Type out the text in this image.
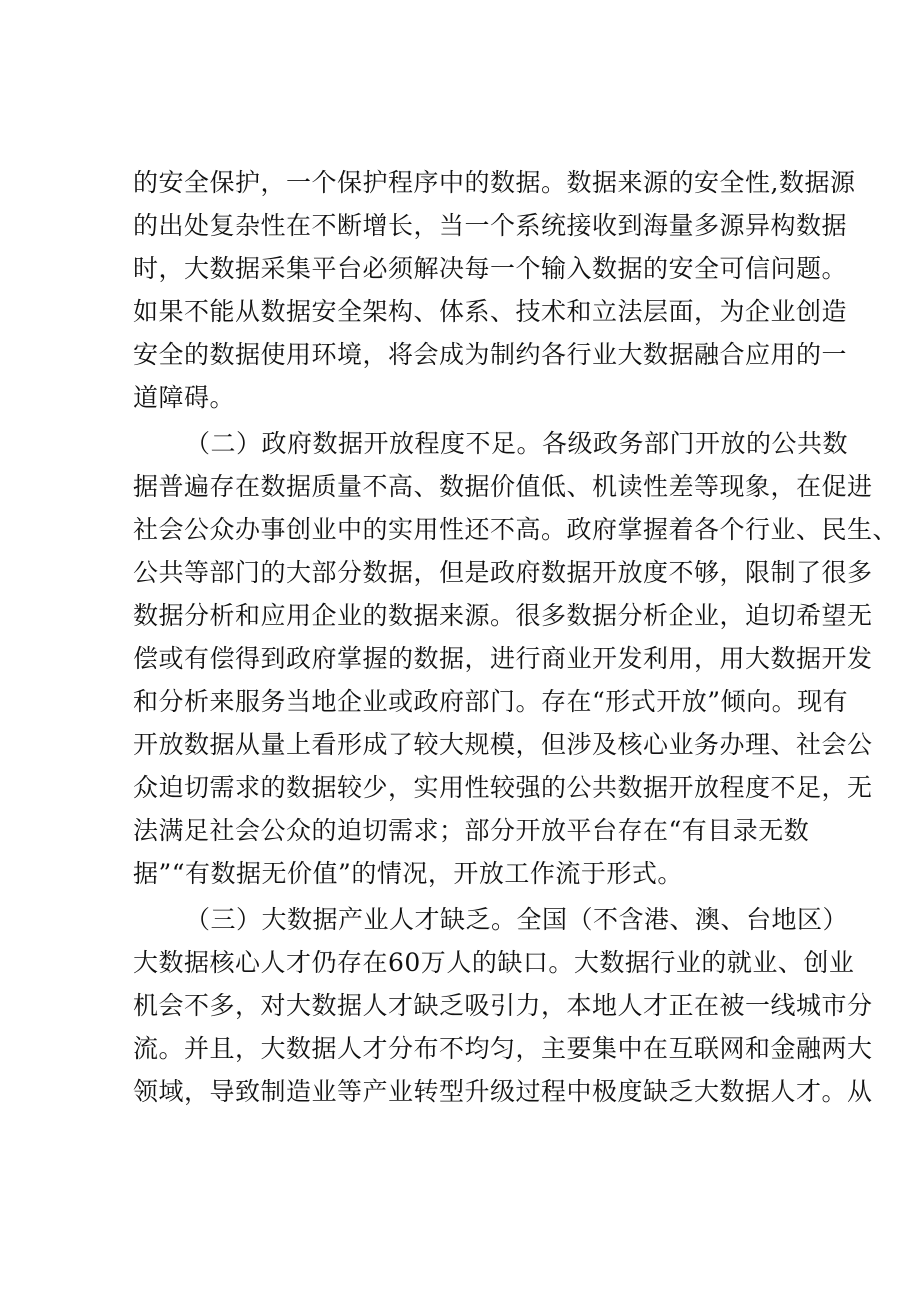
的安全保护，一个保护程序中的数据。数据来源的安全性,数据源
的出处复杂性在不断增长，当一个系统接收到海量多源异构数据
时，大数据采集平台必须解决每一个输入数据的安全可信问题。
如果不能从数据安全架构、体系、技术和立法层面，为企业创造
安全的数据使用环境，将会成为制约各行业大数据融合应用的一
道障碍。
（二）政府数据开放程度不足。各级政务部门开放的公共数
据普遍存在数据质量不高、数据价值低、机读性差等现象，在促进
社会公众办事创业中的实用性还不高。政府掌握着各个行业、民生、
公共等部门的大部分数据，但是政府数据开放度不够，限制了很多
数据分析和应用企业的数据来源。很多数据分析企业，迫切希望无
偿或有偿得到政府掌握的数据，进行商业开发利用，用大数据开发
和分析来服务当地企业或政府部门。存在“形式开放”倾向。现有
开放数据从量上看形成了较大规模，但涉及核心业务办理、社会公
众迫切需求的数据较少，实用性较强的公共数据开放程度不足，无
法满足社会公众的迫切需求；部分开放平台存在“有目录无数
据”“有数据无价值”的情况，开放工作流于形式。
（三）大数据产业人才缺乏。全国（不含港、澳、台地区）
大数据核心人才仍存在60万人的缺口。大数据行业的就业、创业
机会不多，对大数据人才缺乏吸引力，本地人才正在被一线城市分
流。并且，大数据人才分布不均匀，主要集中在互联网和金融两大
领域，导致制造业等产业转型升级过程中极度缺乏大数据人才。从
